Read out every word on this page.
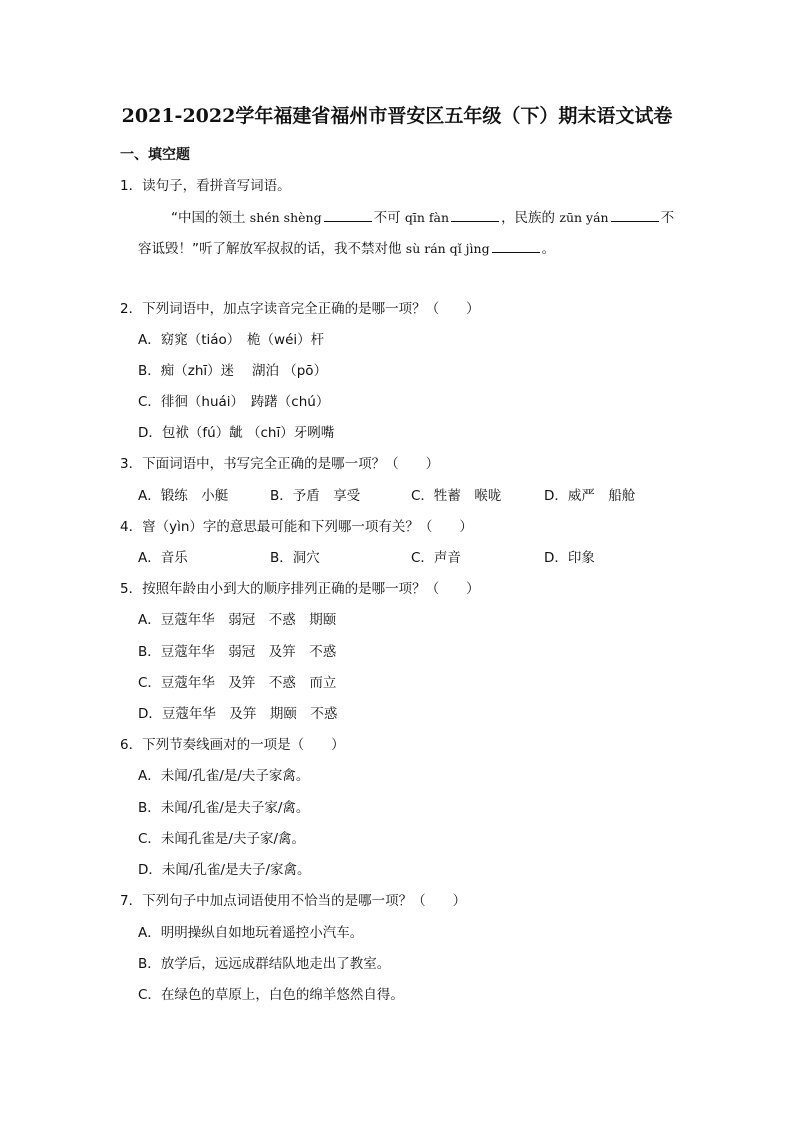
2021-2022学年福建省福州市晋安区五年级（下）期末语文试卷
一、填空题
1．读句子，看拼音写词语。
“中国的领土 shén shèng	不可 qīn fàn	，民族的 zūn yán	不
容诋毁！”听了解放军叔叔的话，我不禁对他 sù rán qǐ jìng	。
2．下列词语中，加点字读音完全正确的是哪一项？（　　）
A．窈窕（tiáo）　桅（wéi）杆
B．痴（zhī）迷　 湖泊 （pō）
C．徘徊（huái）　踌躇（chú）
D．包袱（fú）龇 （chī）牙咧嘴
3．下面词语中，书写完全正确的是哪一项？（　　）
A．锻练　小艇	B．予盾　享受	C．牲蓄　喉咙	D．威严　船舱
4．窨（yìn）字的意思最可能和下列哪一项有关？（　　）
A．音乐	B．洞穴	C．声音	D．印象
5．按照年龄由小到大的顺序排列正确的是哪一项？（　　）
A．豆蔻年华　弱冠　不惑　期颐
B．豆蔻年华　弱冠　及笄　不惑
C．豆蔻年华　及笄　不惑　而立
D．豆蔻年华　及笄　期颐　不惑
6．下列节奏线画对的一项是（　　）
A．未闻/孔雀/是/夫子家禽。
B．未闻/孔雀/是夫子家/禽。
C．未闻孔雀是/夫子家/禽。
D．未闻/孔雀/是夫子/家禽。
7．下列句子中加点词语使用不恰当的是哪一项？（　　）
A．明明操纵自如地玩着遥控小汽车。
B．放学后，远远成群结队地走出了教室。
C．在绿色的草原上，白色的绵羊悠然自得。
